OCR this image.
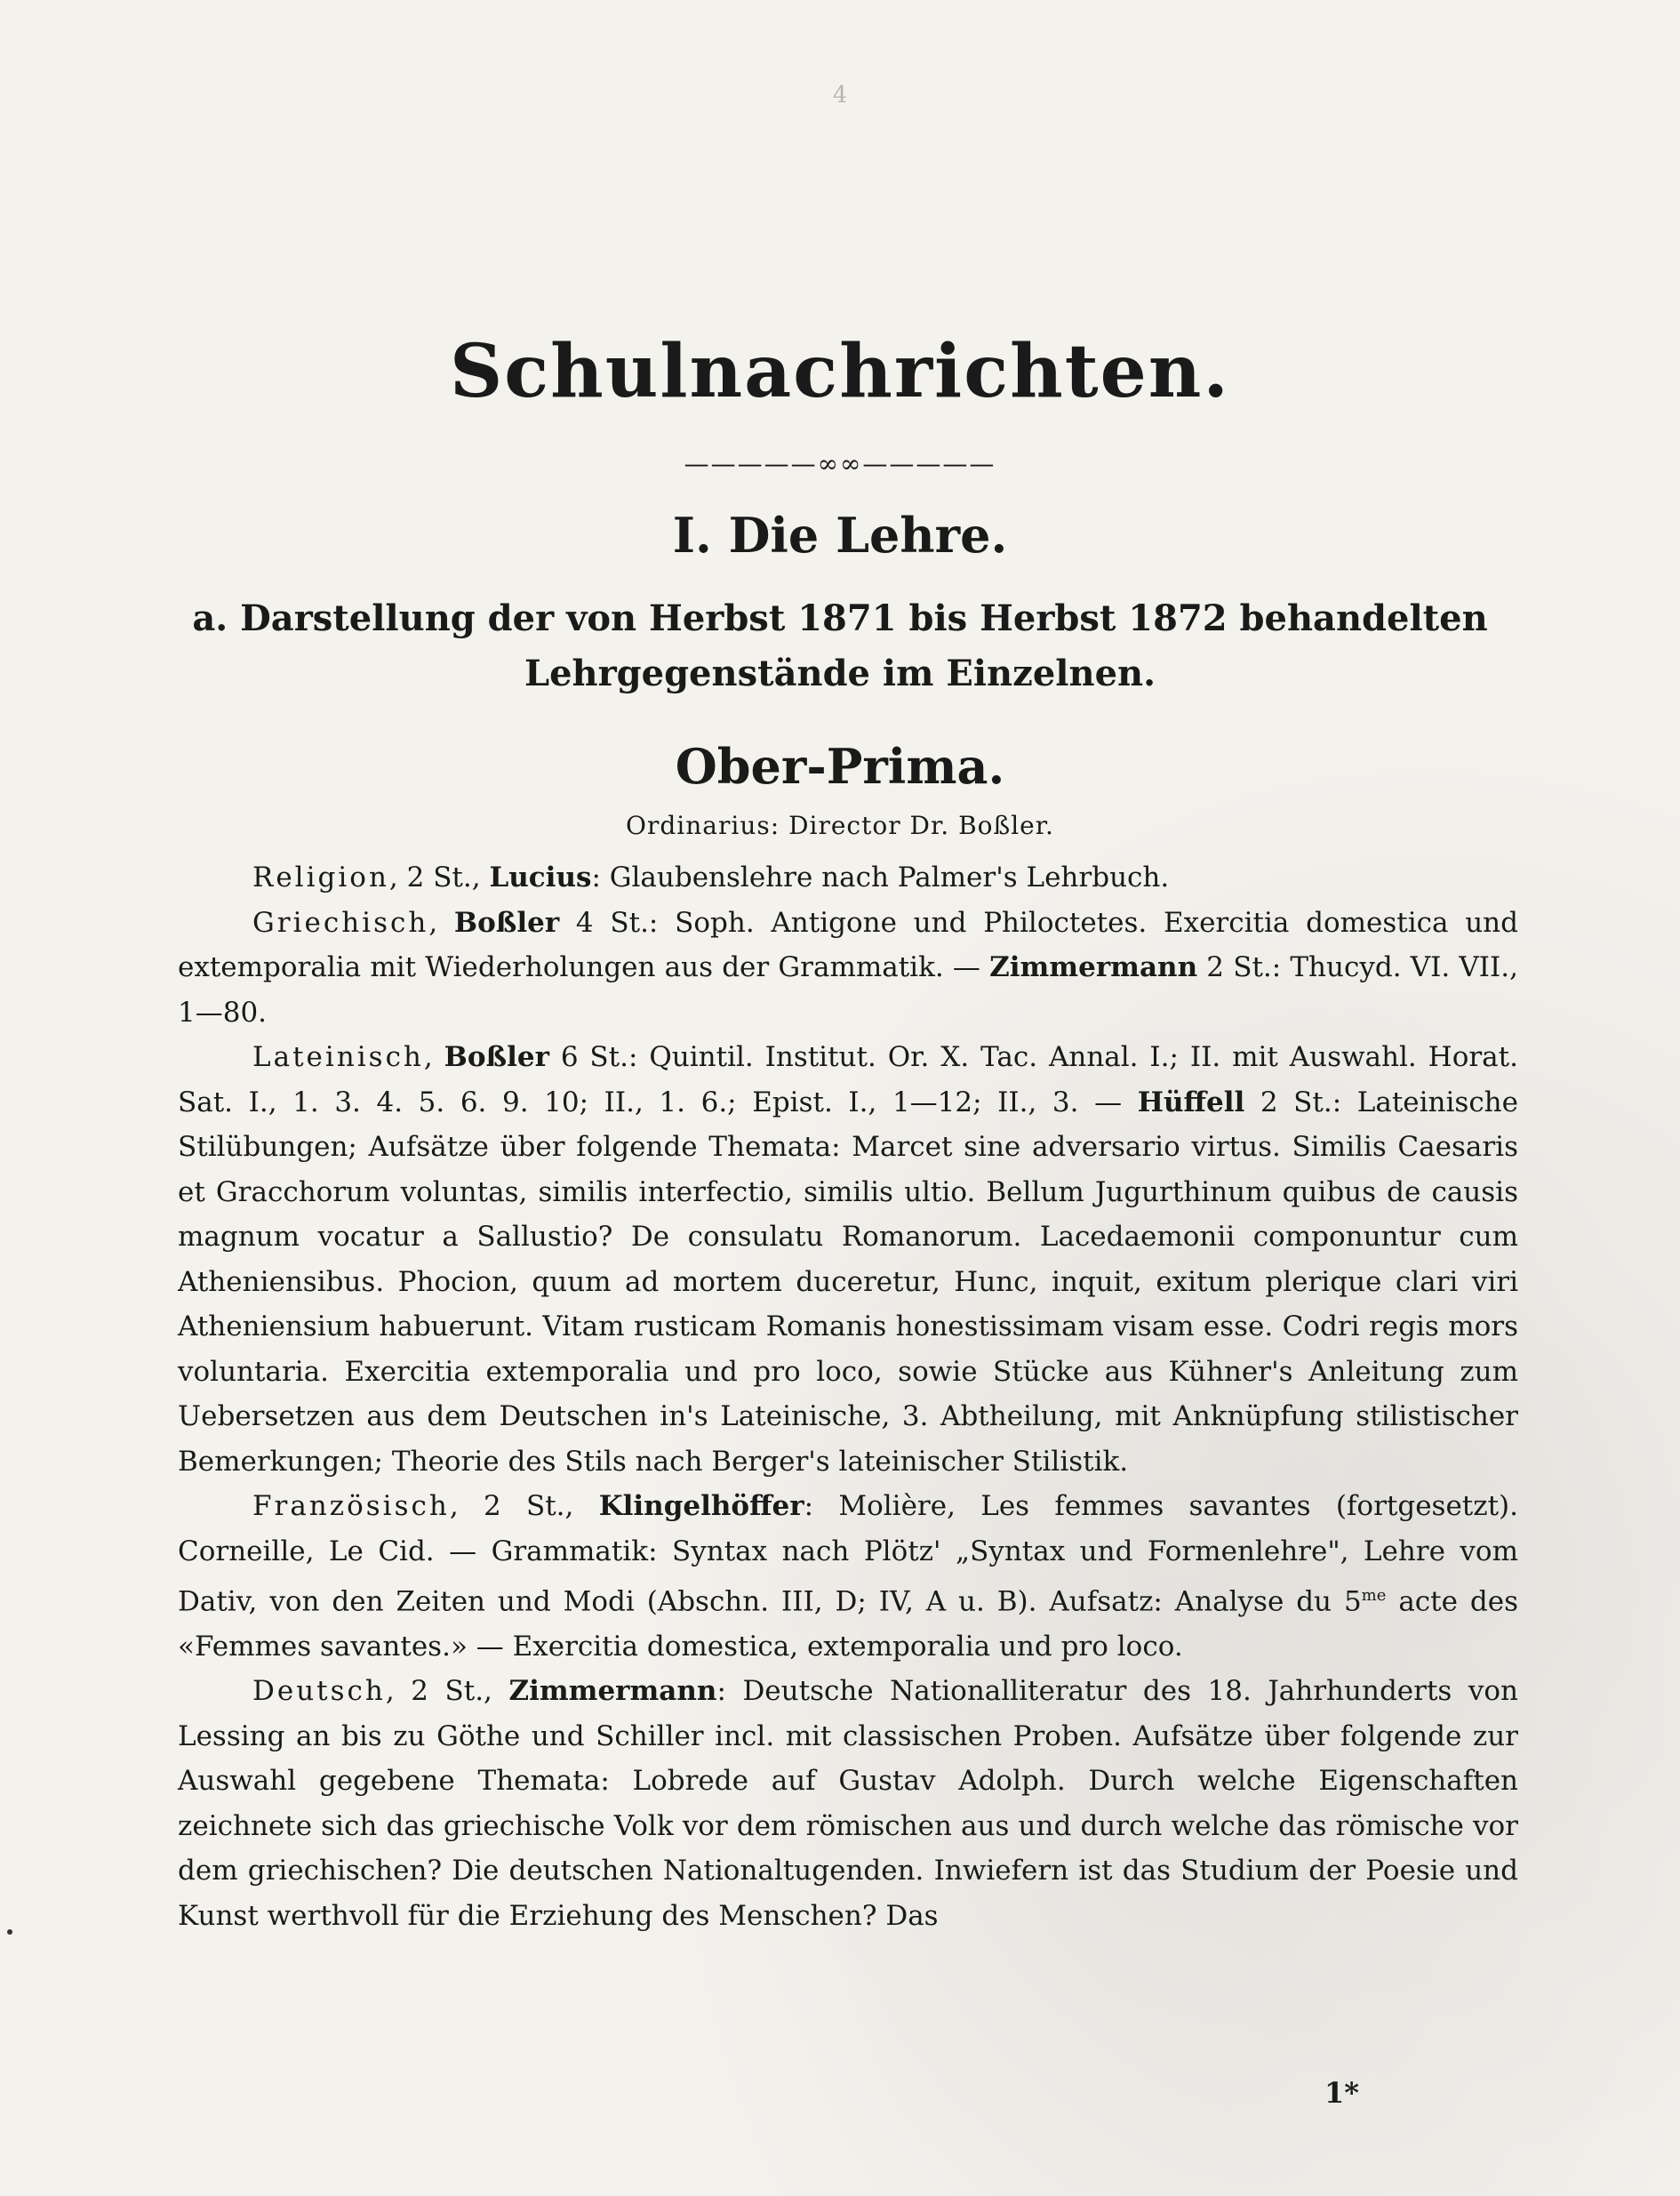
4
Schulnachrichten.
—————∞∞—————
I. Die Lehre.
a. Darstellung der von Herbst 1871 bis Herbst 1872 behandelten
Lehrgegenstände im Einzelnen.
Ober-Prima.
Ordinarius: Director Dr. Boßler.

Religion, 2 St., Lucius: Glaubenslehre nach Palmer's Lehrbuch.

Griechisch, Boßler 4 St.: Soph. Antigone und Philoctetes. Exercitia domestica und extemporalia mit Wiederholungen aus der Grammatik. — Zimmermann 2 St.: Thucyd. VI. VII., 1—80.

Lateinisch, Boßler 6 St.: Quintil. Institut. Or. X. Tac. Annal. I.; II. mit Auswahl. Horat. Sat. I., 1. 3. 4. 5. 6. 9. 10; II., 1. 6.; Epist. I., 1—12; II., 3. — Hüffell 2 St.: Lateinische Stilübungen; Aufsätze über folgende Themata: Marcet sine adversario virtus. Similis Caesaris et Gracchorum voluntas, similis interfectio, similis ultio. Bellum Jugurthinum quibus de causis magnum vocatur a Sallustio? De consulatu Romanorum. Lacedaemonii componuntur cum Atheniensibus. Phocion, quum ad mortem duceretur, Hunc, inquit, exitum plerique clari viri Atheniensium habuerunt. Vitam rusticam Romanis honestissimam visam esse. Codri regis mors voluntaria. Exercitia extemporalia und pro loco, sowie Stücke aus Kühner's Anleitung zum Uebersetzen aus dem Deutschen in's Lateinische, 3. Abtheilung, mit Anknüpfung stilistischer Bemerkungen; Theorie des Stils nach Berger's lateinischer Stilistik.

Französisch, 2 St., Klingelhöffer: Molière, Les femmes savantes (fortgesetzt). Corneille, Le Cid. — Grammatik: Syntax nach Plötz' „Syntax und Formenlehre", Lehre vom Dativ, von den Zeiten und Modi (Abschn. III, D; IV, A u. B). Aufsatz: Analyse du $5^{me}$ acte des «Femmes savantes.» — Exercitia domestica, extemporalia und pro loco.

Deutsch, 2 St., Zimmermann: Deutsche Nationalliteratur des 18. Jahrhunderts von Lessing an bis zu Göthe und Schiller incl. mit classischen Proben. Aufsätze über folgende zur Auswahl gegebene Themata: Lobrede auf Gustav Adolph. Durch welche Eigenschaften zeichnete sich das griechische Volk vor dem römischen aus und durch welche das römische vor dem griechischen? Die deutschen Nationaltugenden. Inwiefern ist das Studium der Poesie und Kunst werthvoll für die Erziehung des Menschen? Das

1*
